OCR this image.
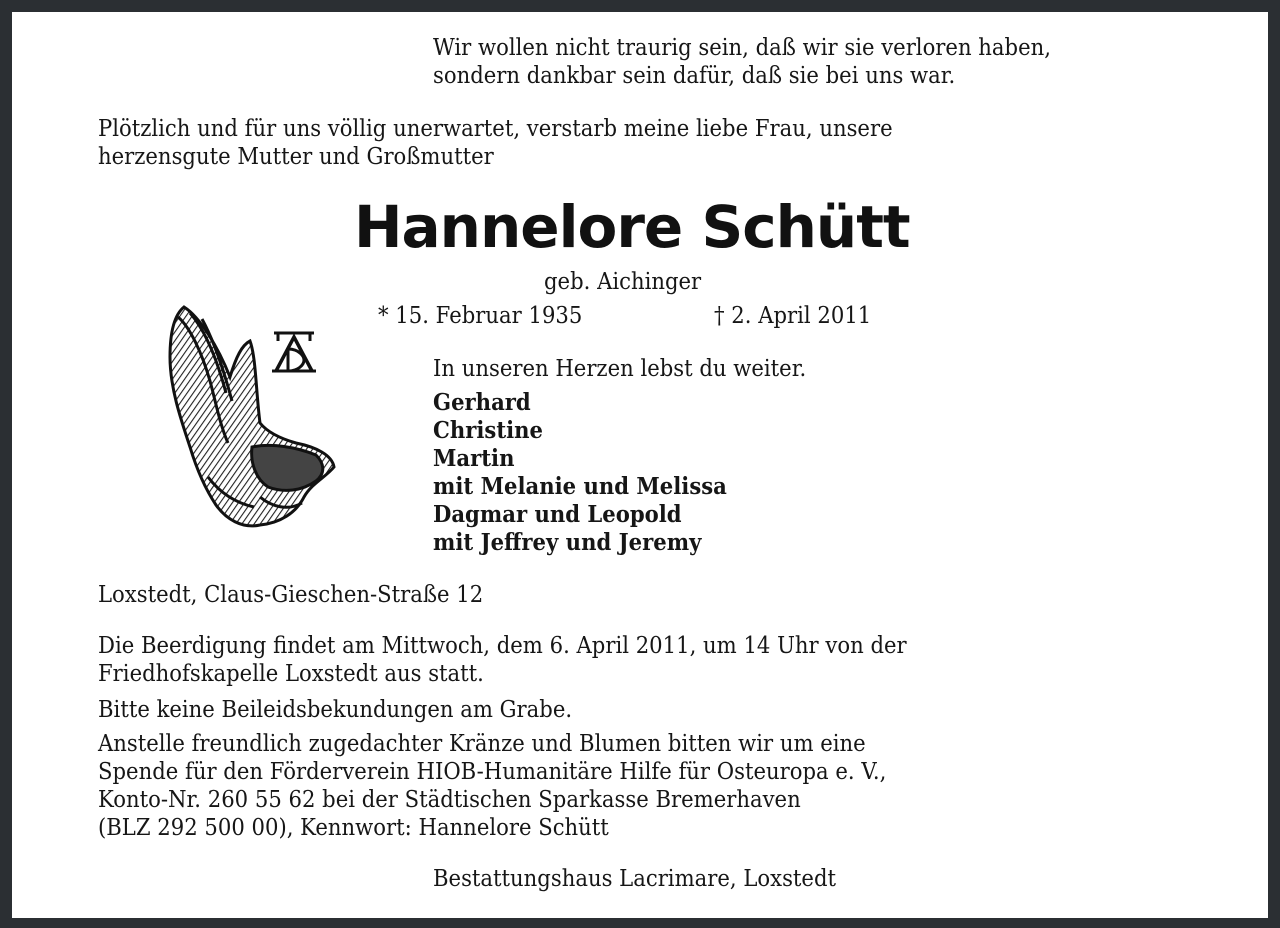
Wir wollen nicht traurig sein, daß wir sie verloren haben,
sondern dankbar sein dafür, daß sie bei uns war.
Plötzlich und für uns völlig unerwartet, verstarb meine liebe Frau, unsere
herzensgute Mutter und Großmutter
Hannelore Schütt
geb. Aichinger
* 15. Februar 1935	† 2. April 2011
In unseren Herzen lebst du weiter.
Gerhard
Christine
Martin
mit Melanie und Melissa
Dagmar und Leopold
mit Jeffrey und Jeremy
Loxstedt, Claus-Gieschen-Straße 12
Die Beerdigung findet am Mittwoch, dem 6. April 2011, um 14 Uhr von der
Friedhofskapelle Loxstedt aus statt.
Bitte keine Beileidsbekundungen am Grabe.
Anstelle freundlich zugedachter Kränze und Blumen bitten wir um eine
Spende für den Förderverein HIOB-Humanitäre Hilfe für Osteuropa e. V.,
Konto-Nr. 260 55 62 bei der Städtischen Sparkasse Bremerhaven
(BLZ 292 500 00), Kennwort: Hannelore Schütt
Bestattungshaus Lacrimare, Loxstedt
